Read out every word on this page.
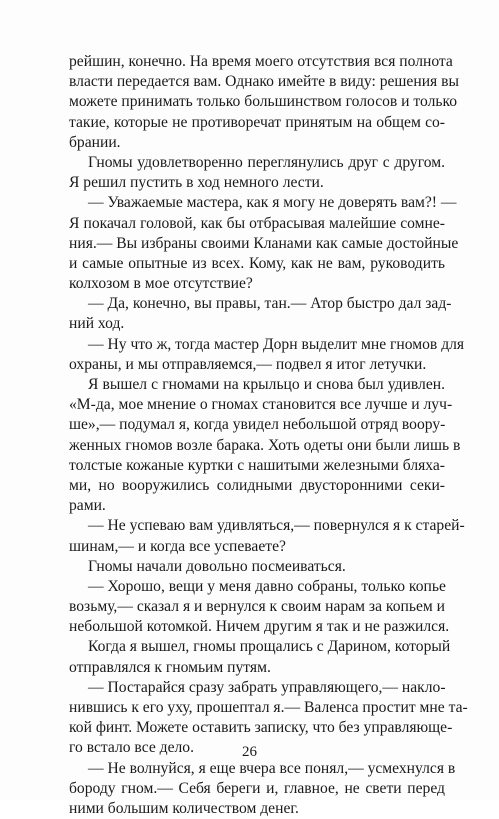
рейшин, конечно. На время моего отсутствия вся полнота
власти передается вам. Однако имейте в виду: решения вы
можете принимать только большинством голосов и только
такие, которые не противоречат принятым на общем со-
брании.
Гномы удовлетворенно переглянулись друг с другом.
Я решил пустить в ход немного лести.
— Уважаемые мастера, как я могу не доверять вам?! —
Я покачал головой, как бы отбрасывая малейшие сомне-
ния.— Вы избраны своими Кланами как самые достойные
и самые опытные из всех. Кому, как не вам, руководить
колхозом в мое отсутствие?
— Да, конечно, вы правы, тан.— Атор быстро дал зад-
ний ход.
— Ну что ж, тогда мастер Дорн выделит мне гномов для
охраны, и мы отправляемся,— подвел я итог летучки.
Я вышел с гномами на крыльцо и снова был удивлен.
«М-да, мое мнение о гномах становится все лучше и луч-
ше»,— подумал я, когда увидел небольшой отряд воору-
женных гномов возле барака. Хоть одеты они были лишь в
толстые кожаные куртки с нашитыми железными бляха-
ми, но вооружились солидными двусторонними секи-
рами.
— Не успеваю вам удивляться,— повернулся я к старей-
шинам,— и когда все успеваете?
Гномы начали довольно посмеиваться.
— Хорошо, вещи у меня давно собраны, только копье
возьму,— сказал я и вернулся к своим нарам за копьем и
небольшой котомкой. Ничем другим я так и не разжился.
Когда я вышел, гномы прощались с Дарином, который
отправлялся к гномьим путям.
— Постарайся сразу забрать управляющего,— накло-
нившись к его уху, прошептал я.— Валенса простит мне та-
кой финт. Можете оставить записку, что без управляюще-
го встало все дело.
— Не волнуйся, я еще вчера все понял,— усмехнулся в
бороду гном.— Себя береги и, главное, не свети перед
ними большим количеством денег.
26
